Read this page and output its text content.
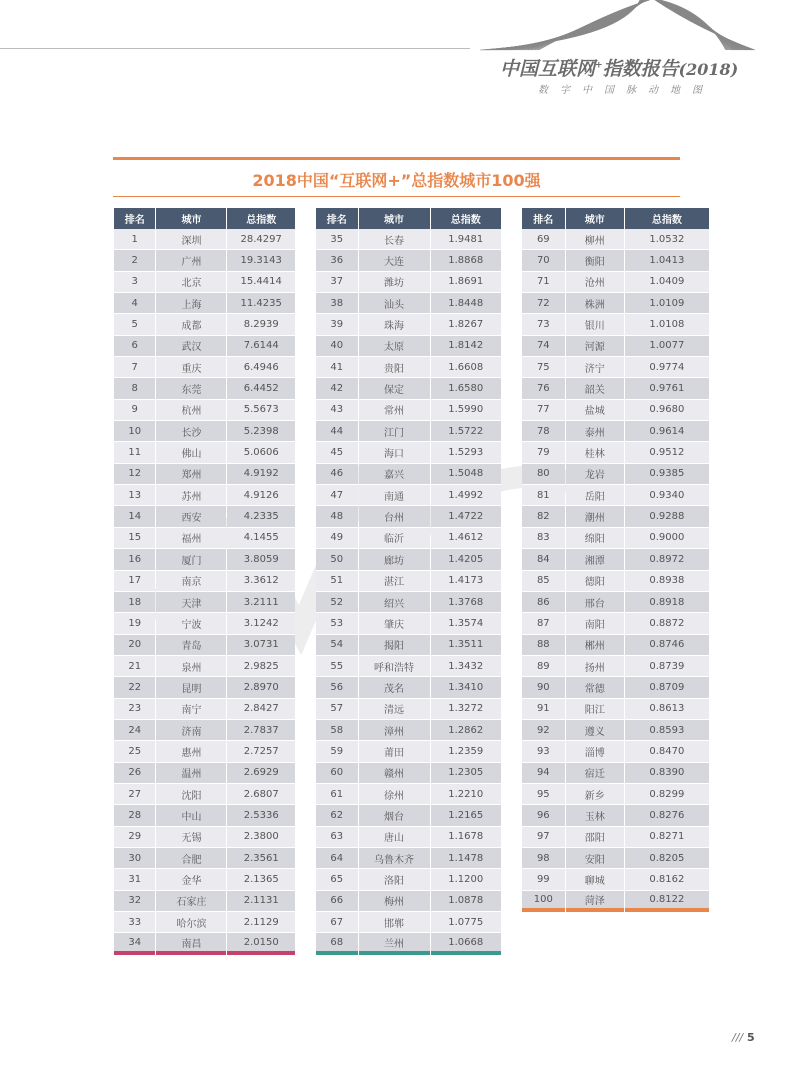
中国互联网+指数报告(2018)
数字中国脉动地图
2018中国“互联网+”总指数城市100强
排名	城市	总指数
1	深圳	28.4297
2	广州	19.3143
3	北京	15.4414
4	上海	11.4235
5	成都	8.2939
6	武汉	7.6144
7	重庆	6.4946
8	东莞	6.4452
9	杭州	5.5673
10	长沙	5.2398
11	佛山	5.0606
12	郑州	4.9192
13	苏州	4.9126
14	西安	4.2335
15	福州	4.1455
16	厦门	3.8059
17	南京	3.3612
18	天津	3.2111
19	宁波	3.1242
20	青岛	3.0731
21	泉州	2.9825
22	昆明	2.8970
23	南宁	2.8427
24	济南	2.7837
25	惠州	2.7257
26	温州	2.6929
27	沈阳	2.6807
28	中山	2.5336
29	无锡	2.3800
30	合肥	2.3561
31	金华	2.1365
32	石家庄	2.1131
33	哈尔滨	2.1129
34	南昌	2.0150
排名	城市	总指数
35	长春	1.9481
36	大连	1.8868
37	潍坊	1.8691
38	汕头	1.8448
39	珠海	1.8267
40	太原	1.8142
41	贵阳	1.6608
42	保定	1.6580
43	常州	1.5990
44	江门	1.5722
45	海口	1.5293
46	嘉兴	1.5048
47	南通	1.4992
48	台州	1.4722
49	临沂	1.4612
50	廊坊	1.4205
51	湛江	1.4173
52	绍兴	1.3768
53	肇庆	1.3574
54	揭阳	1.3511
55	呼和浩特	1.3432
56	茂名	1.3410
57	清远	1.3272
58	漳州	1.2862
59	莆田	1.2359
60	赣州	1.2305
61	徐州	1.2210
62	烟台	1.2165
63	唐山	1.1678
64	乌鲁木齐	1.1478
65	洛阳	1.1200
66	梅州	1.0878
67	邯郸	1.0775
68	兰州	1.0668
排名	城市	总指数
69	柳州	1.0532
70	衡阳	1.0413
71	沧州	1.0409
72	株洲	1.0109
73	银川	1.0108
74	河源	1.0077
75	济宁	0.9774
76	韶关	0.9761
77	盐城	0.9680
78	泰州	0.9614
79	桂林	0.9512
80	龙岩	0.9385
81	岳阳	0.9340
82	潮州	0.9288
83	绵阳	0.9000
84	湘潭	0.8972
85	德阳	0.8938
86	邢台	0.8918
87	南阳	0.8872
88	郴州	0.8746
89	扬州	0.8739
90	常德	0.8709
91	阳江	0.8613
92	遵义	0.8593
93	淄博	0.8470
94	宿迁	0.8390
95	新乡	0.8299
96	玉林	0.8276
97	邵阳	0.8271
98	安阳	0.8205
99	聊城	0.8162
100	菏泽	0.8122
/// 5
